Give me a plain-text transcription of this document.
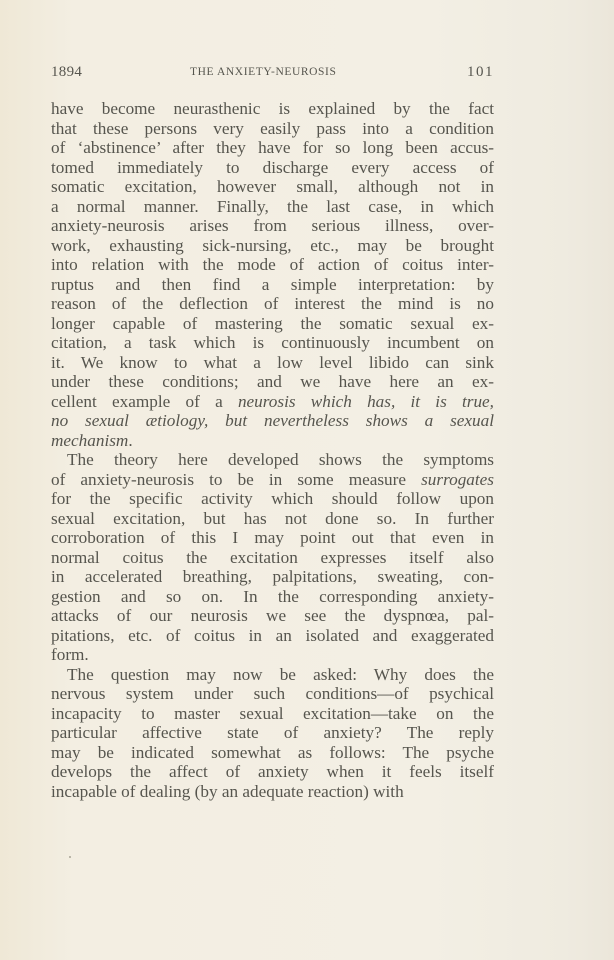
1894	THE ANXIETY-NEUROSIS	101
have become neurasthenic is explained by the fact
that these persons very easily pass into a condition
of ‘abstinence’ after they have for so long been accus-
tomed immediately to discharge every access of
somatic excitation, however small, although not in
a normal manner. Finally, the last case, in which
anxiety-neurosis arises from serious illness, over-
work, exhausting sick-nursing, etc., may be brought
into relation with the mode of action of coitus inter-
ruptus and then find a simple interpretation: by
reason of the deflection of interest the mind is no
longer capable of mastering the somatic sexual ex-
citation, a task which is continuously incumbent on
it. We know to what a low level libido can sink
under these conditions; and we have here an ex-
cellent example of a neurosis which has, it is true,
no sexual ætiology, but nevertheless shows a sexual
mechanism.
The theory here developed shows the symptoms
of anxiety-neurosis to be in some measure surrogates
for the specific activity which should follow upon
sexual excitation, but has not done so. In further
corroboration of this I may point out that even in
normal coitus the excitation expresses itself also
in accelerated breathing, palpitations, sweating, con-
gestion and so on. In the corresponding anxiety-
attacks of our neurosis we see the dyspnœa, pal-
pitations, etc. of coitus in an isolated and exaggerated
form.
The question may now be asked: Why does the
nervous system under such conditions—of psychical
incapacity to master sexual excitation—take on the
particular affective state of anxiety? The reply
may be indicated somewhat as follows: The psyche
develops the affect of anxiety when it feels itself
incapable of dealing (by an adequate reaction) with
